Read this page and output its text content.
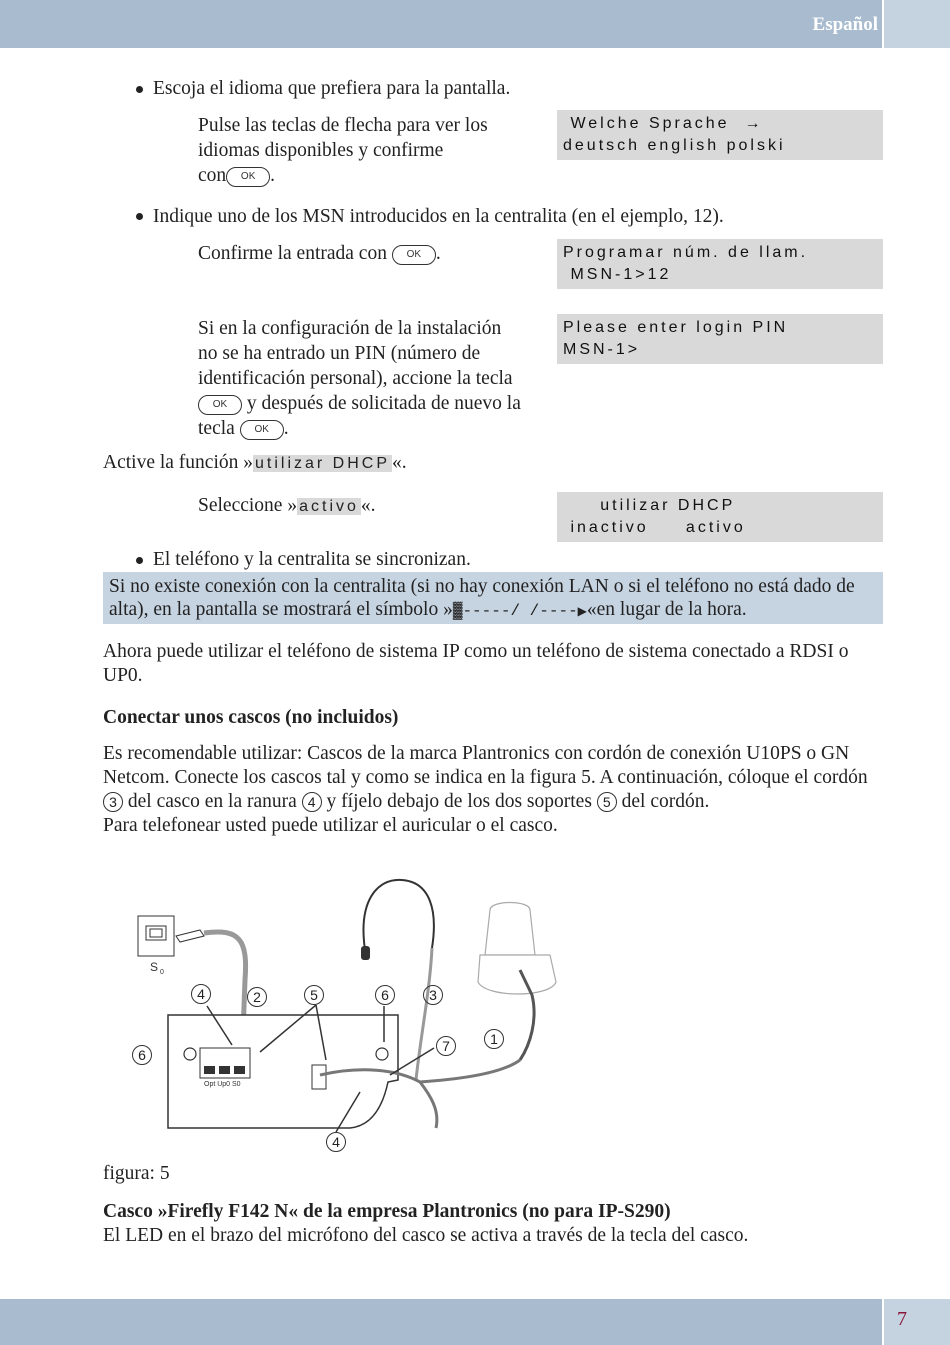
Español
7
Escoja el idioma que prefiera para la pantalla.
Pulse las teclas de flecha para ver los
idiomas disponibles y confirme
con OK .
Welche Sprache  →
deutsch english polski
Indique uno de los MSN introducidos en la centralita (en el ejemplo, 12).
Confirme la entrada con OK .	Programar núm. de llam.
MSN-1>12
Si en la configuración de la instalación
no se ha entrado un PIN (número de
identificación personal), accione la tecla
OK y después de solicitada de nuevo la
tecla OK .
Please enter login PIN
MSN-1>
Active la función » utilizar DHCP «.
Seleccione » activo «.	utilizar DHCP
inactivo     activo
El teléfono y la centralita se sincronizan.
Si no existe conexión con la centralita (si no hay conexión LAN o si el teléfono no está dado de
alta), en la pantalla se mostrará el símbolo »▓-----/ /----▶«en lugar de la hora.
Ahora puede utilizar el teléfono de sistema IP como un teléfono de sistema conectado a RDSI o
UP0.
Conectar unos cascos (no incluidos)
Es recomendable utilizar: Cascos de la marca Plantronics con cordón de conexión U10PS o GN
Netcom. Conecte los cascos tal y como se indica en la figura 5. A continuación, cóloque el cordón
3 del casco en la ranura 4 y fíjelo debajo de los dos soportes 5 del cordón.
Para telefonear usted puede utilizar el auricular o el casco.
S 0
Opt Up0 S0
4	2	5	6	3
6
7	1
4
figura: 5
Casco »Firefly F142 N« de la empresa Plantronics (no para IP-S290)
El LED en el brazo del micrófono del casco se activa a través de la tecla del casco.
